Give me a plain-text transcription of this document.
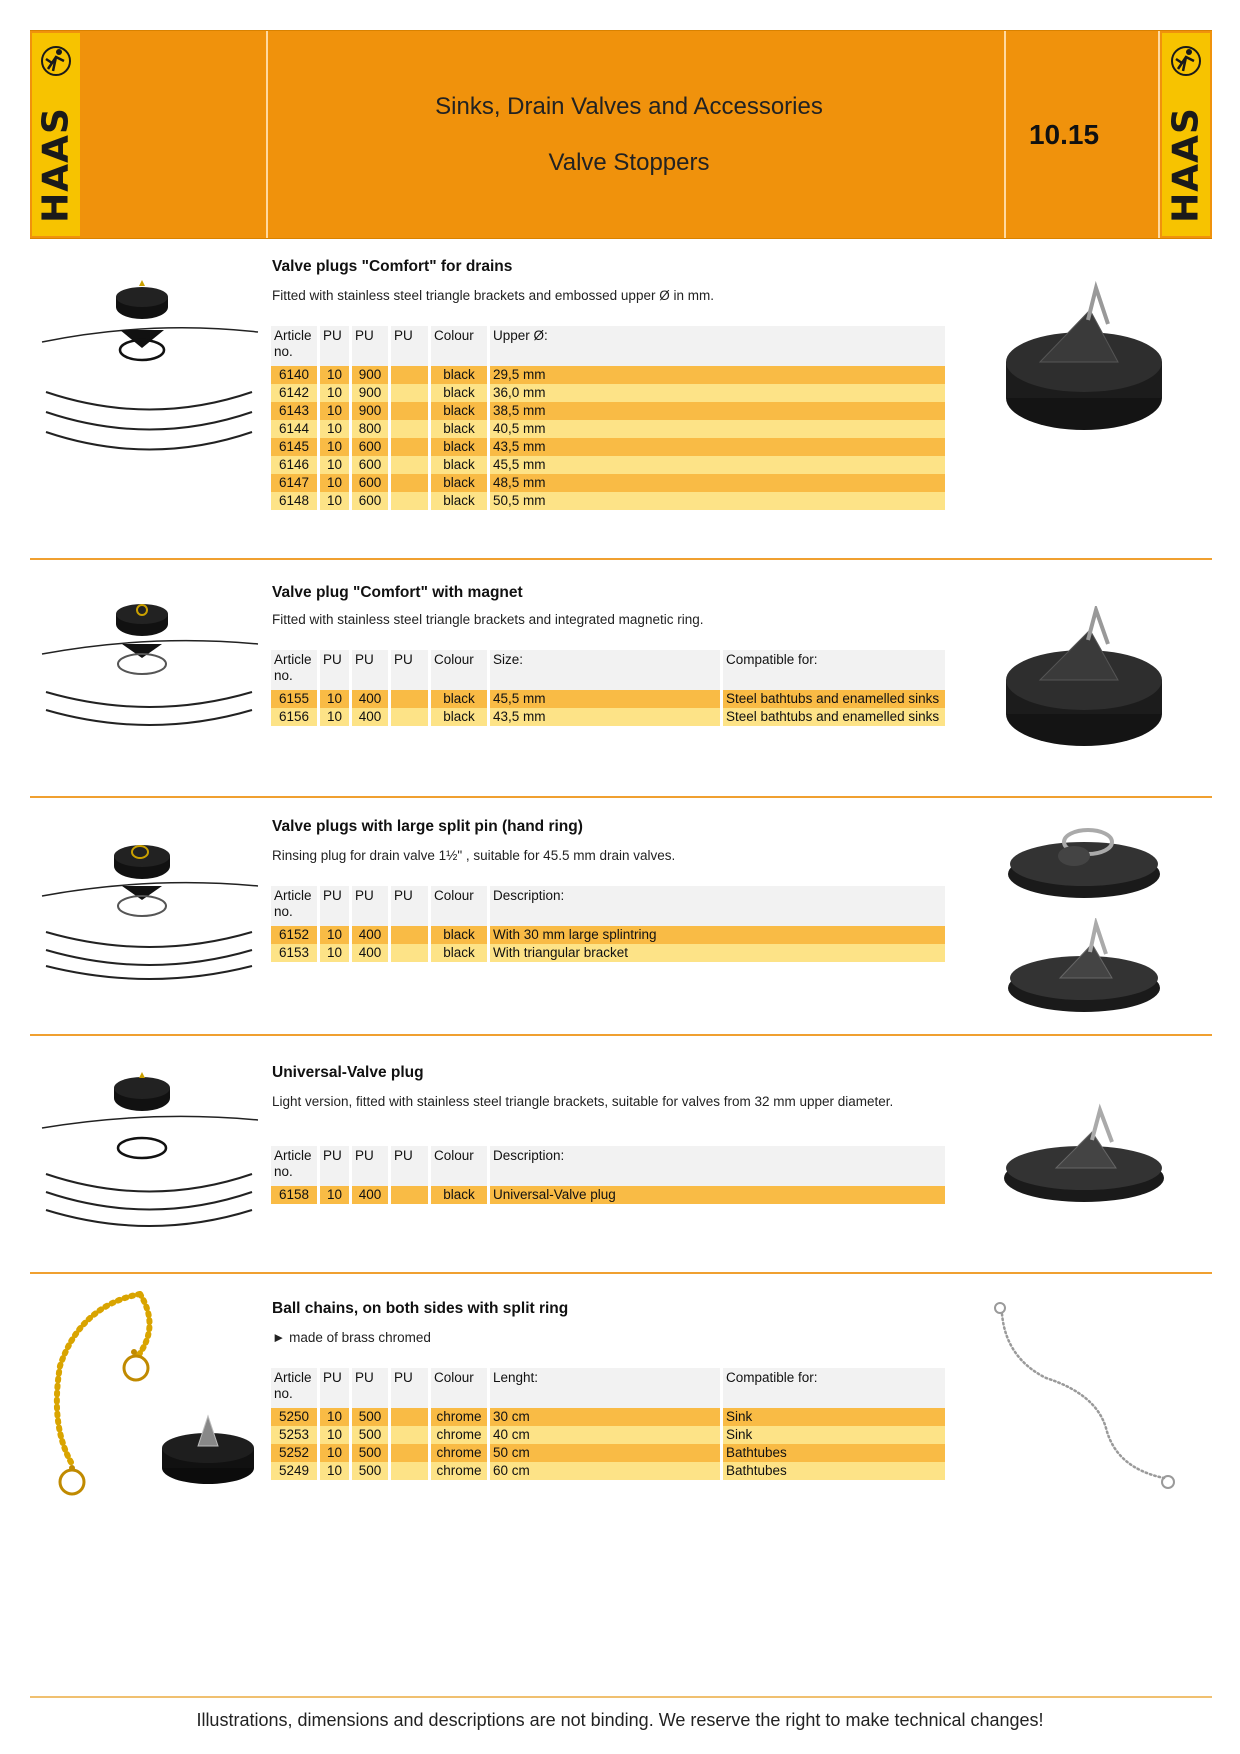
HAAS
Sinks, Drain Valves and Accessories
Valve Stoppers
10.15	HAAS
Valve plugs "Comfort" for drains
Fitted with stainless steel triangle brackets and embossed upper Ø in mm.
Article no.	PU	PU	PU	Colour	Upper Ø:
6140	10	900		black	29,5 mm
6142	10	900		black	36,0 mm
6143	10	900		black	38,5 mm
6144	10	800		black	40,5 mm
6145	10	600		black	43,5 mm
6146	10	600		black	45,5 mm
6147	10	600		black	48,5 mm
6148	10	600		black	50,5 mm
Valve plug "Comfort" with magnet
Fitted with stainless steel triangle brackets and integrated magnetic ring.
Article no.	PU	PU	PU	Colour	Size:	Compatible for:
6155	10	400		black	45,5 mm	Steel bathtubs and enamelled sinks
6156	10	400		black	43,5 mm	Steel bathtubs and enamelled sinks
Valve plugs with large split pin (hand ring)
Rinsing plug for drain valve 1½" , suitable for 45.5 mm drain valves.
Article no.	PU	PU	PU	Colour	Description:
6152	10	400		black	With 30 mm large splintring
6153	10	400		black	With triangular bracket
Universal-Valve plug
Light version, fitted with stainless steel triangle brackets, suitable for valves from 32 mm upper diameter.
Article no.	PU	PU	PU	Colour	Description:
6158	10	400		black	Universal-Valve plug
Ball chains, on both sides with split ring
► made of brass chromed
Article no.	PU	PU	PU	Colour	Lenght:	Compatible for:
5250	10	500		chrome	30 cm	Sink
5253	10	500		chrome	40 cm	Sink
5252	10	500		chrome	50 cm	Bathtubes
5249	10	500		chrome	60 cm	Bathtubes
Illustrations, dimensions and descriptions are not binding. We reserve the right to make technical changes!
